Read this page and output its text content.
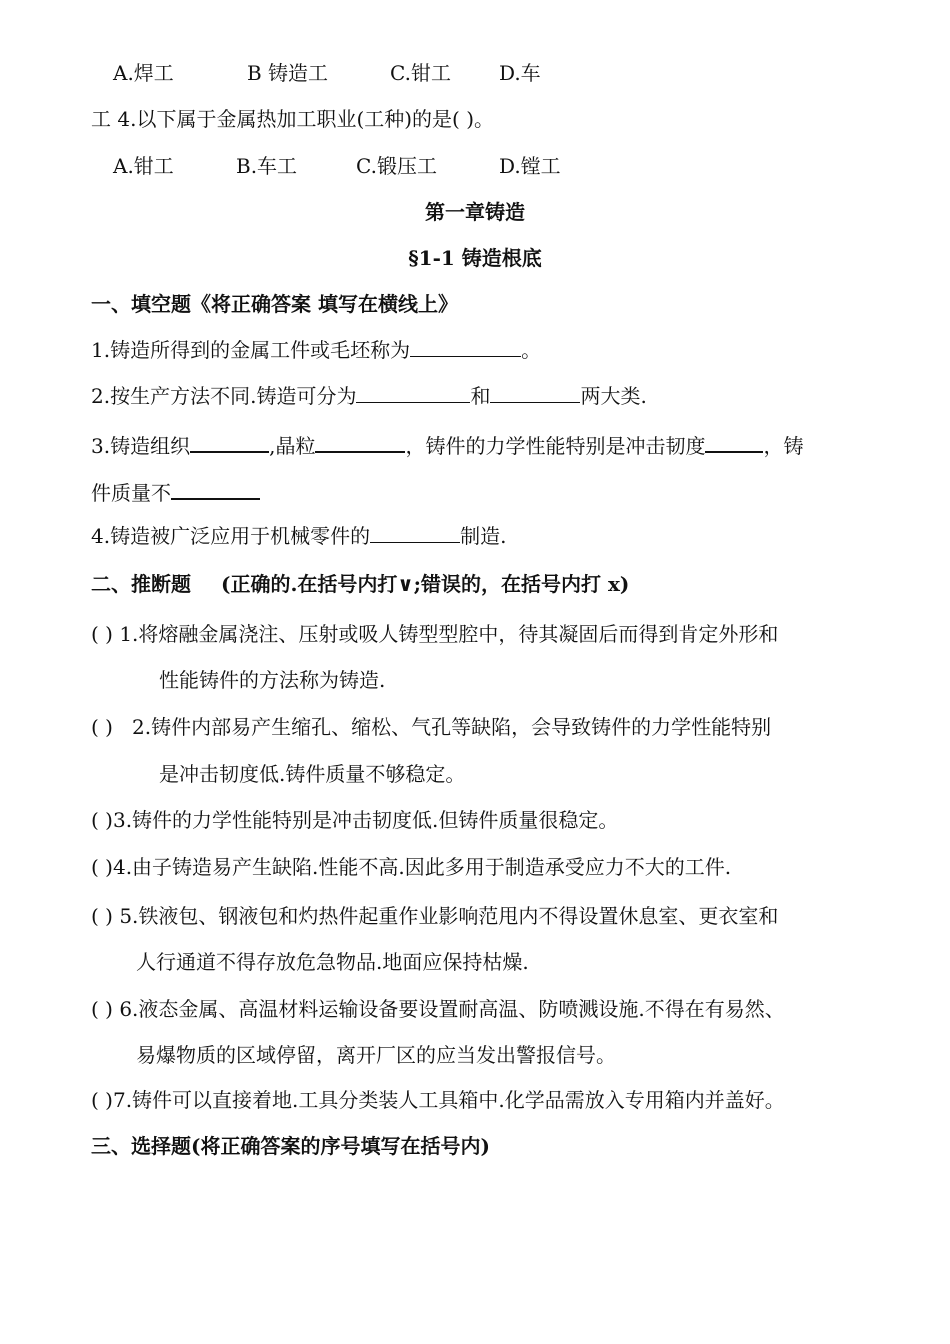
A.焊工	B 铸造工	C.钳工 D.车
工 4.以下属于金属热加工职业(工种)的是( )。
A.钳工	B.车工	C.锻压工	D.镗工
第一章铸造
§1-1 铸造根底
一、填空题《将正确答案 填写在横线上》
1.铸造所得到的金属工件或毛坯称为	。
2.按生产方法不同.铸造可分为	和	两大类.
3.铸造组织	,晶粒	，铸件的力学性能特别是冲击韧度	，铸
件质量不
4.铸造被广泛应用于机械零件的	制造.
二、推断题 (正确的.在括号内打∨;错误的，在括号内打 x)
( ) 1.将熔融金属浇注、压射或吸人铸型型腔中，待其凝固后而得到肯定外形和
性能铸件的方法称为铸造.
( ) 2.铸件内部易产生缩孔、缩松、气孔等缺陷，会导致铸件的力学性能特别
是冲击韧度低.铸件质量不够稳定。
( )3.铸件的力学性能特别是冲击韧度低.但铸件质量很稳定。
( )4.由子铸造易产生缺陷.性能不高.因此多用于制造承受应力不大的工件.
( ) 5.铁液包、钢液包和灼热件起重作业影响范甩内不得设置休息室、更衣室和
人行通道不得存放危急物品.地面应保持枯燥.
( ) 6.液态金属、高温材料运输设备要设置耐高温、防喷溅设施.不得在有易然、
易爆物质的区域停留，离开厂区的应当发出警报信号。
( )7.铸件可以直接着地.工具分类装人工具箱中.化学品需放入专用箱内并盖好。
三、选择题(将正确答案的序号填写在括号内)
